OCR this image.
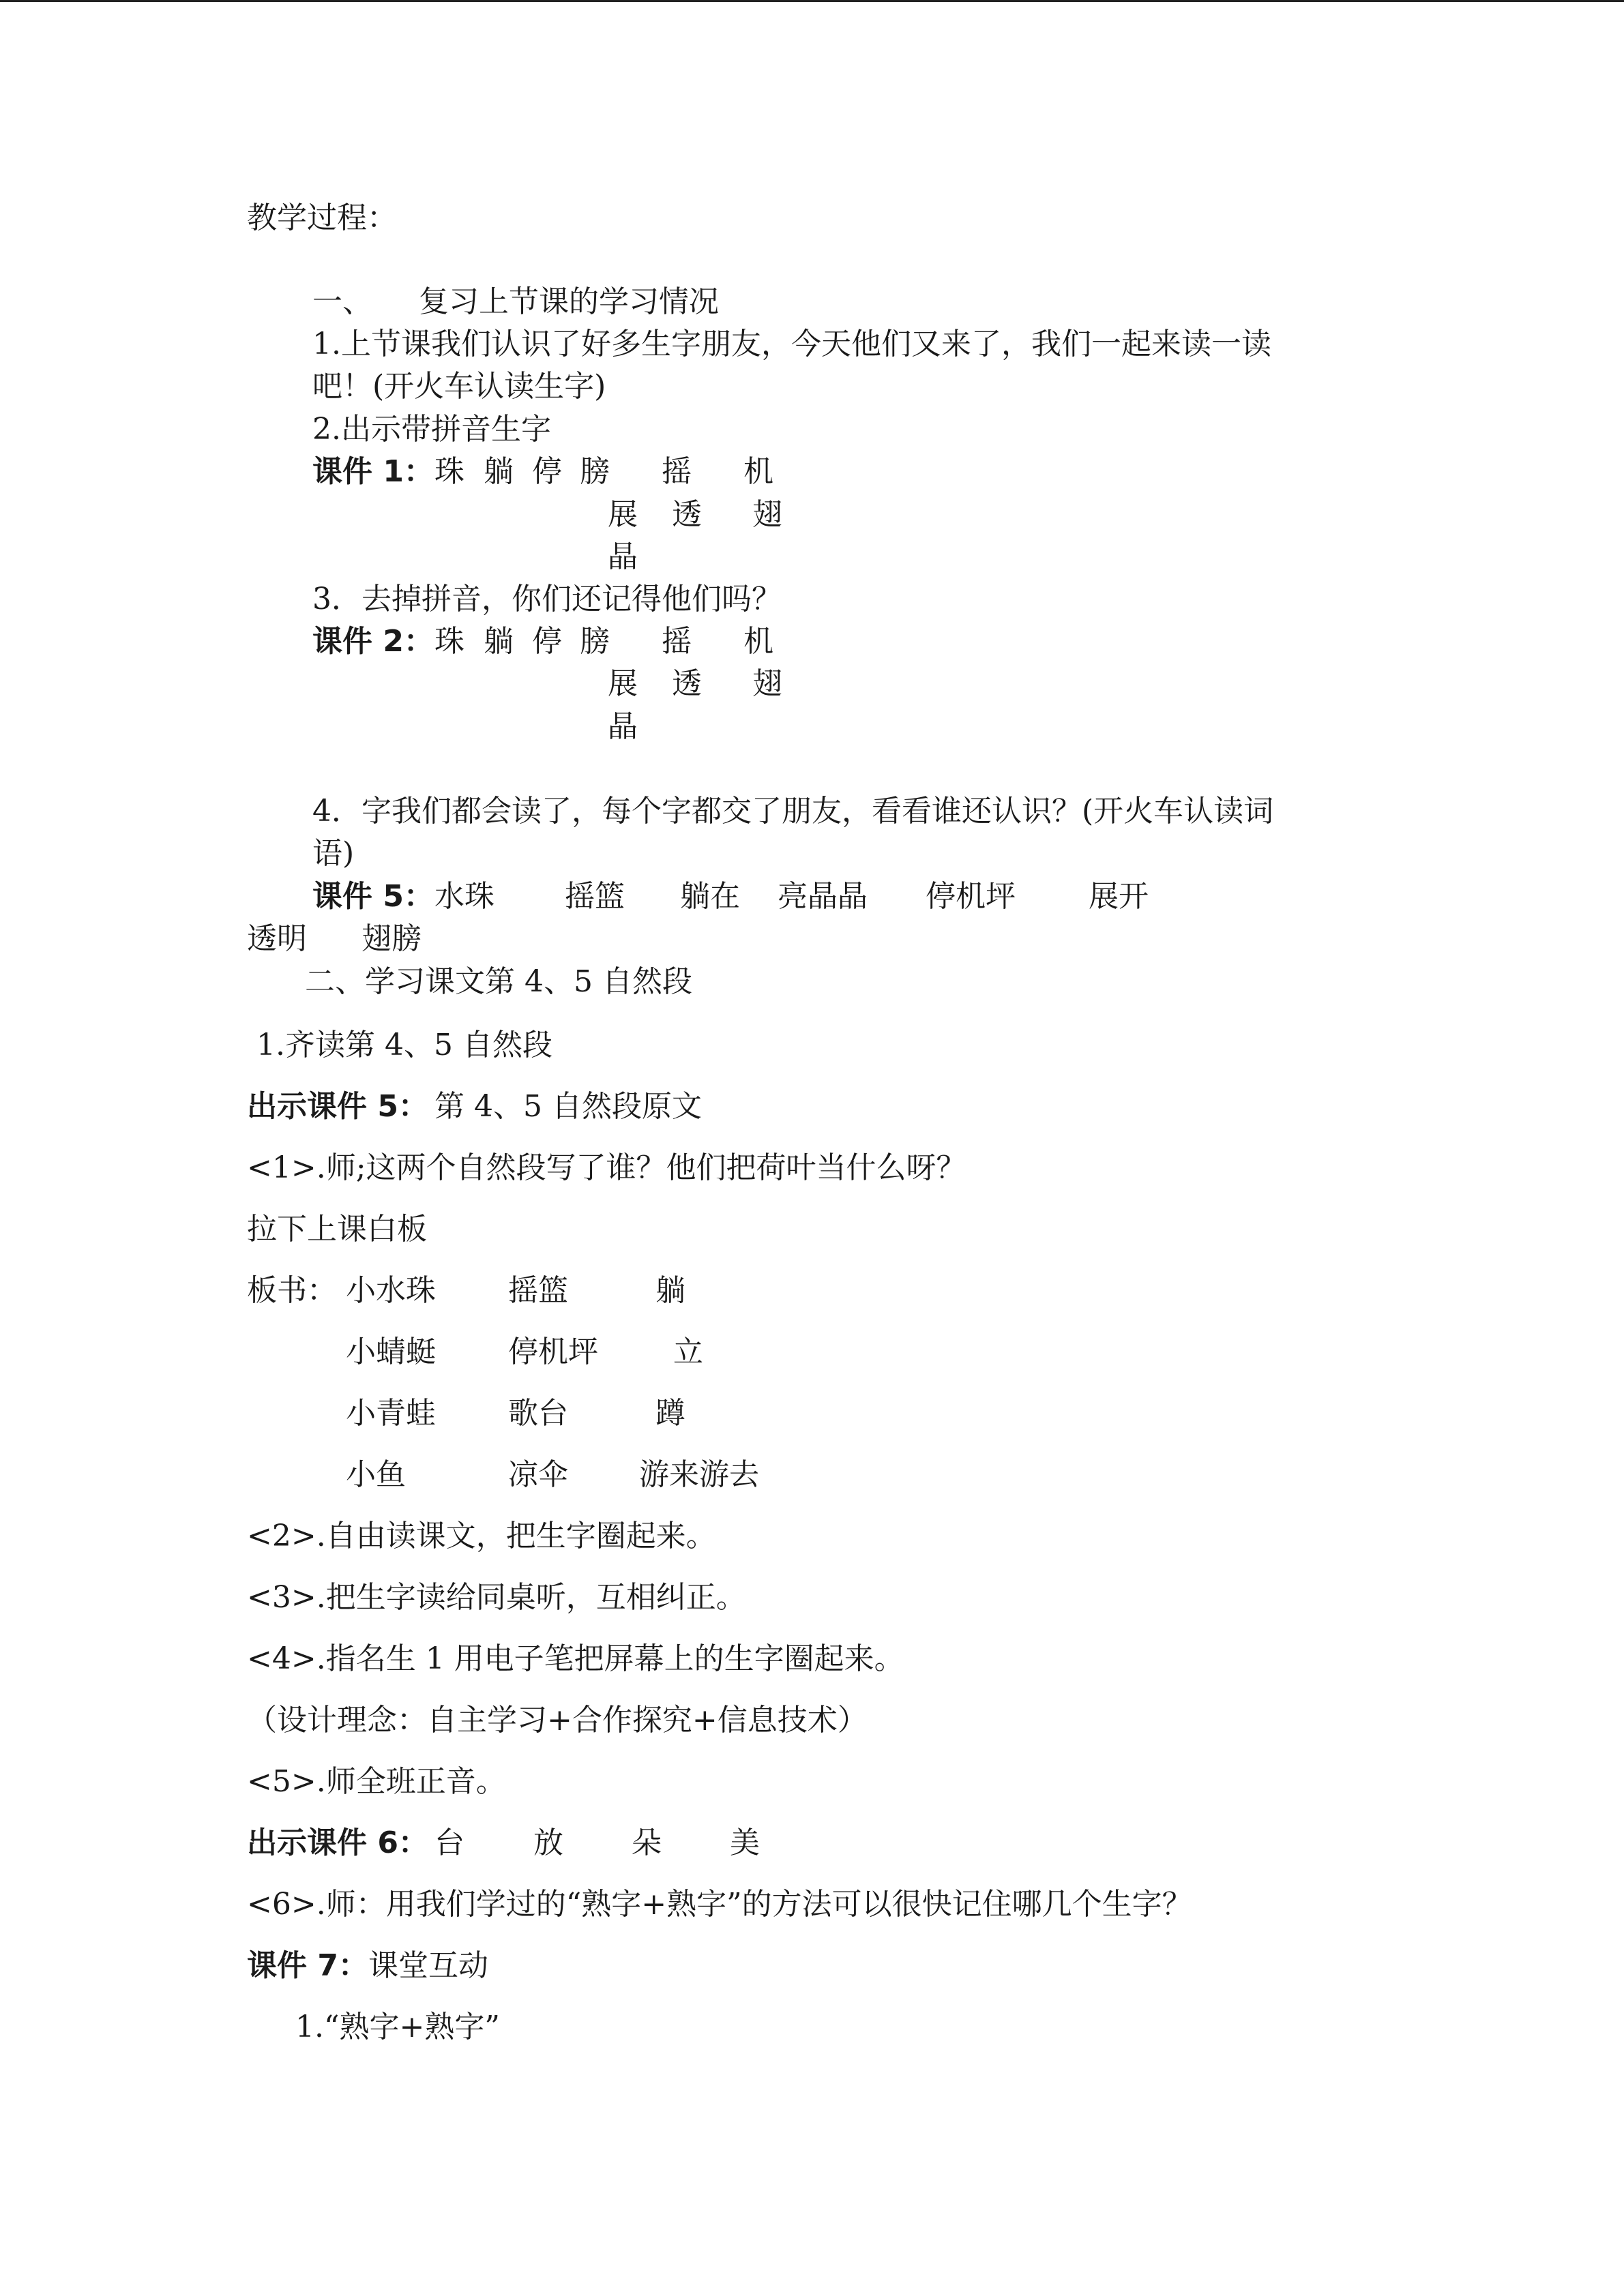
教学过程：
一、 复习上节课的学习情况
1.上节课我们认识了好多生字朋友，今天他们又来了，我们一起来读一读
吧！(开火车认读生字)
2.出示带拼音生字
课件 1： 珠 躺 停 膀 摇 机
展 透 翅
晶
3．去掉拼音，你们还记得他们吗？
课件 2： 珠 躺 停 膀 摇 机
展 透 翅
晶
4．字我们都会读了，每个字都交了朋友，看看谁还认识？(开火车认读词
语)
课件 5： 水珠 摇篮 躺在 亮晶晶 停机坪 展开
透明 翅膀
二、学习课文第 4、5 自然段
1.齐读第 4、5 自然段
出示课件 5： 第 4、5 自然段原文
<1>.师;这两个自然段写了谁？他们把荷叶当什么呀？
拉下上课白板
板书： 小水珠 摇篮	躺
小蜻蜓 停机坪	立
小青蛙 歌台	蹲
小鱼	凉伞 游来游去
<2>.自由读课文，把生字圈起来。
<3>.把生字读给同桌听，互相纠正。
<4>.指名生 1 用电子笔把屏幕上的生字圈起来。
（设计理念：自主学习+合作探究+信息技术）
<5>.师全班正音。
出示课件 6： 台 放 朵 美
<6>.师：用我们学过的“熟字+熟字”的方法可以很快记住哪几个生字？
课件 7： 课堂互动
1.“熟字+熟字”
